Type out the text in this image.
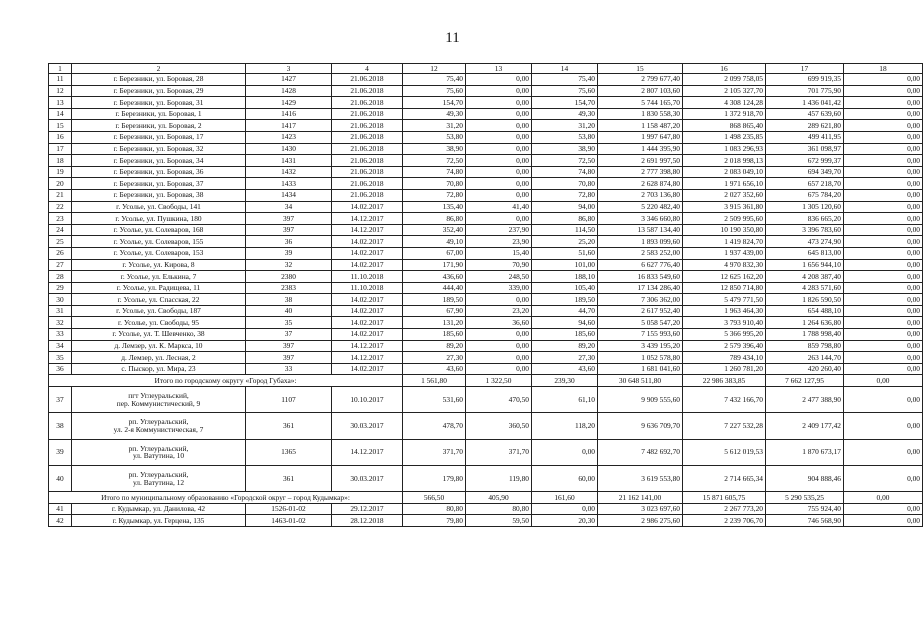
11
1	2	3	4	12	13	14	15	16	17	18
11	г. Березники, ул. Боровая, 28	1427	21.06.2018	75,40	0,00	75,40	2 799 677,40	2 099 758,05	699 919,35	0,00
12	г. Березники, ул. Боровая, 29	1428	21.06.2018	75,60	0,00	75,60	2 807 103,60	2 105 327,70	701 775,90	0,00
13	г. Березники, ул. Боровая, 31	1429	21.06.2018	154,70	0,00	154,70	5 744 165,70	4 308 124,28	1 436 041,42	0,00
14	г. Березники, ул. Боровая, 1	1416	21.06.2018	49,30	0,00	49,30	1 830 558,30	1 372 918,70	457 639,60	0,00
15	г. Березники, ул. Боровая, 2	1417	21.06.2018	31,20	0,00	31,20	1 158 487,20	868 865,40	289 621,80	0,00
16	г. Березники, ул. Боровая, 17	1423	21.06.2018	53,80	0,00	53,80	1 997 647,80	1 498 235,85	499 411,95	0,00
17	г. Березники, ул. Боровая, 32	1430	21.06.2018	38,90	0,00	38,90	1 444 395,90	1 083 296,93	361 098,97	0,00
18	г. Березники, ул. Боровая, 34	1431	21.06.2018	72,50	0,00	72,50	2 691 997,50	2 018 998,13	672 999,37	0,00
19	г. Березники, ул. Боровая, 36	1432	21.06.2018	74,80	0,00	74,80	2 777 398,80	2 083 049,10	694 349,70	0,00
20	г. Березники, ул. Боровая, 37	1433	21.06.2018	70,80	0,00	70,80	2 628 874,80	1 971 656,10	657 218,70	0,00
21	г. Березники, ул. Боровая, 38	1434	21.06.2018	72,80	0,00	72,80	2 703 136,80	2 027 352,60	675 784,20	0,00
22	г. Усолье, ул. Свободы, 141	34	14.02.2017	135,40	41,40	94,00	5 220 482,40	3 915 361,80	1 305 120,60	0,00
23	г. Усолье, ул. Пушкина, 180	397	14.12.2017	86,80	0,00	86,80	3 346 660,80	2 509 995,60	836 665,20	0,00
24	г. Усолье, ул. Солеваров, 168	397	14.12.2017	352,40	237,90	114,50	13 587 134,40	10 190 350,80	3 396 783,60	0,00
25	г. Усолье, ул. Солеваров, 155	36	14.02.2017	49,10	23,90	25,20	1 893 099,60	1 419 824,70	473 274,90	0,00
26	г. Усолье, ул. Солеваров, 153	39	14.02.2017	67,00	15,40	51,60	2 583 252,00	1 937 439,00	645 813,00	0,00
27	г. Усолье, ул. Кирова, 8	32	14.02.2017	171,90	70,90	101,00	6 627 776,40	4 970 832,30	1 656 944,10	0,00
28	г. Усолье, ул. Елькина, 7	2380	11.10.2018	436,60	248,50	188,10	16 833 549,60	12 625 162,20	4 208 387,40	0,00
29	г. Усолье, ул. Радищева, 11	2383	11.10.2018	444,40	339,00	105,40	17 134 286,40	12 850 714,80	4 283 571,60	0,00
30	г. Усолье, ул. Спасская, 22	38	14.02.2017	189,50	0,00	189,50	7 306 362,00	5 479 771,50	1 826 590,50	0,00
31	г. Усолье, ул. Свободы, 187	40	14.02.2017	67,90	23,20	44,70	2 617 952,40	1 963 464,30	654 488,10	0,00
32	г. Усолье, ул. Свободы, 95	35	14.02.2017	131,20	36,60	94,60	5 058 547,20	3 793 910,40	1 264 636,80	0,00
33	г. Усолье, ул. Т. Шевченко, 38	37	14.02.2017	185,60	0,00	185,60	7 155 993,60	5 366 995,20	1 788 998,40	0,00
34	д. Лемзер, ул. К. Маркса, 10	397	14.12.2017	89,20	0,00	89,20	3 439 195,20	2 579 396,40	859 798,80	0,00
35	д. Лемзер, ул. Лесная, 2	397	14.12.2017	27,30	0,00	27,30	1 052 578,80	789 434,10	263 144,70	0,00
36	с. Пыскор, ул. Мира, 23	33	14.02.2017	43,60	0,00	43,60	1 681 041,60	1 260 781,20	420 260,40	0,00
Итого по городскому округу «Город Губаха»:				1 561,80	1 322,50	239,30	30 648 511,80	22 986 383,85	7 662 127,95	0,00
37	пгт Углеуральский,
пер. Коммунистический, 9	1107	10.10.2017	531,60	470,50	61,10	9 909 555,60	7 432 166,70	2 477 388,90	0,00
38	рп. Углеуральский,
ул. 2-я Коммунистическая, 7	361	30.03.2017	478,70	360,50	118,20	9 636 709,70	7 227 532,28	2 409 177,42	0,00
39	рп. Углеуральский,
ул. Ватутина, 10	1365	14.12.2017	371,70	371,70	0,00	7 482 692,70	5 612 019,53	1 870 673,17	0,00
40	рп. Углеуральский,
ул. Ватутина, 12	361	30.03.2017	179,80	119,80	60,00	3 619 553,80	2 714 665,34	904 888,46	0,00
Итого по муниципальному образованию «Городской округ – город Кудымкар»:				566,50	405,90	161,60	21 162 141,00	15 871 605,75	5 290 535,25	0,00
41	г. Кудымкар, ул. Данилова, 42	1526-01-02	29.12.2017	80,80	80,80	0,00	3 023 697,60	2 267 773,20	755 924,40	0,00
42	г. Кудымкар, ул. Герцена, 135	1463-01-02	28.12.2018	79,80	59,50	20,30	2 986 275,60	2 239 706,70	746 568,90	0,00
